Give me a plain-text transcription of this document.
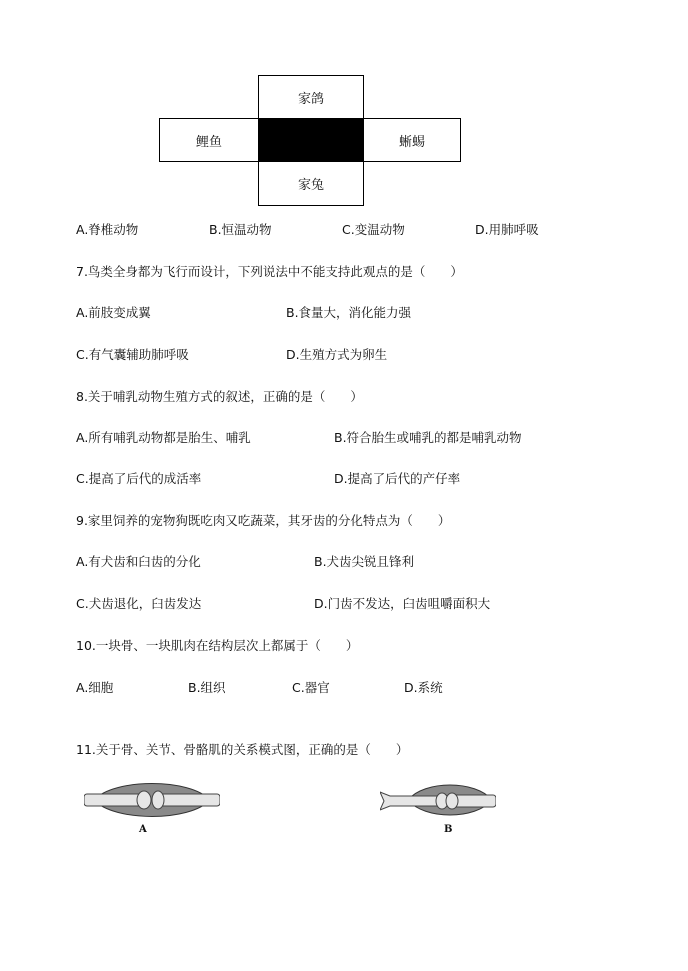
家鸽
鲤鱼	蜥蜴
家兔
A.脊椎动物	B.恒温动物	C.变温动物	D.用肺呼吸
7.鸟类全身都为飞行而设计，下列说法中不能支持此观点的是（　　）
A.前肢变成翼	B.食量大，消化能力强
C.有气囊辅助肺呼吸	D.生殖方式为卵生
8.关于哺乳动物生殖方式的叙述，正确的是（　　）
A.所有哺乳动物都是胎生、哺乳	B.符合胎生或哺乳的都是哺乳动物
C.提高了后代的成活率	D.提高了后代的产仔率
9.家里饲养的宠物狗既吃肉又吃蔬菜，其牙齿的分化特点为（　　）
A.有犬齿和臼齿的分化	B.犬齿尖锐且锋利
C.犬齿退化，臼齿发达	D.门齿不发达，臼齿咀嚼面积大
10.一块骨、一块肌肉在结构层次上都属于（　　）
A.细胞	B.组织	C.器官	D.系统
11.关于骨、关节、骨骼肌的关系模式图，正确的是（　　）
A	B
